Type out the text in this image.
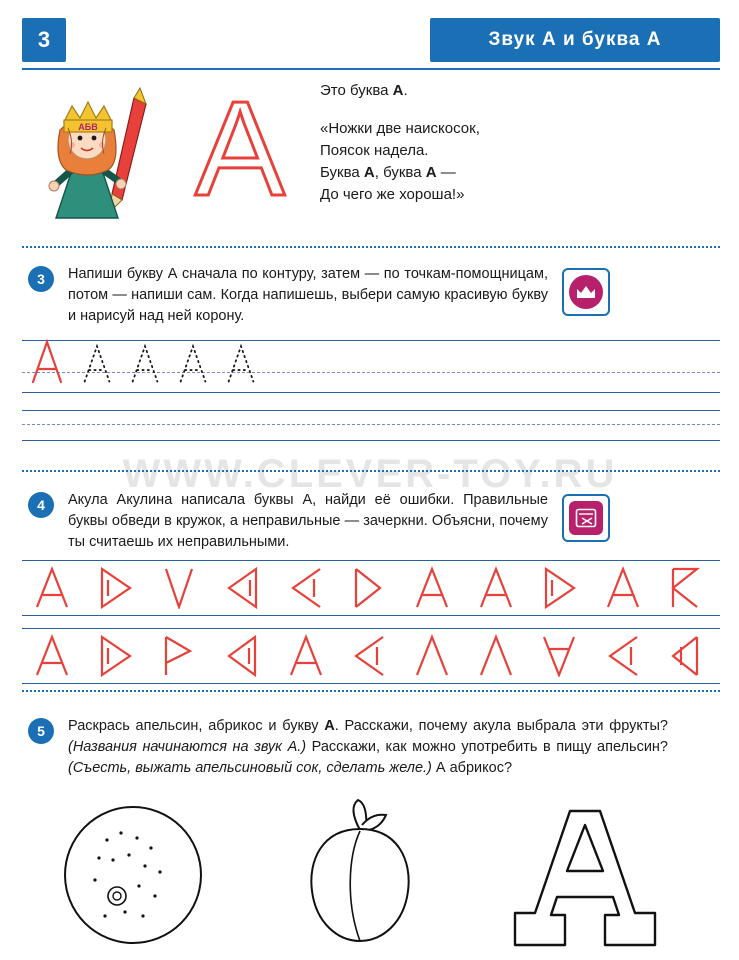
3	Звук А и буква А
АБВ А	Это буква А.
«Ножки две наискосок,
Поясок надела.
Буква А, буква А —
До чего же хороша!»
3	Напиши букву А сначала по контуру, затем — по точкам-помощницам, потом — напиши сам. Когда напишешь, выбери самую красивую букву и нарисуй над ней корону.
WWW.CLEVER-TOY.RU
4	Акула Акулина написала буквы А, найди её ошибки. Правильные буквы обведи в кружок, а неправильные — зачеркни. Объясни, почему ты считаешь их неправильными.
5	Раскрась апельсин, абрикос и букву А. Расскажи, почему акула выбрала эти фрукты? (Названия начинаются на звук А.) Расскажи, как можно употребить в пищу апельсин? (Съесть, выжать апельсиновый сок, сделать желе.) А абрикос?
